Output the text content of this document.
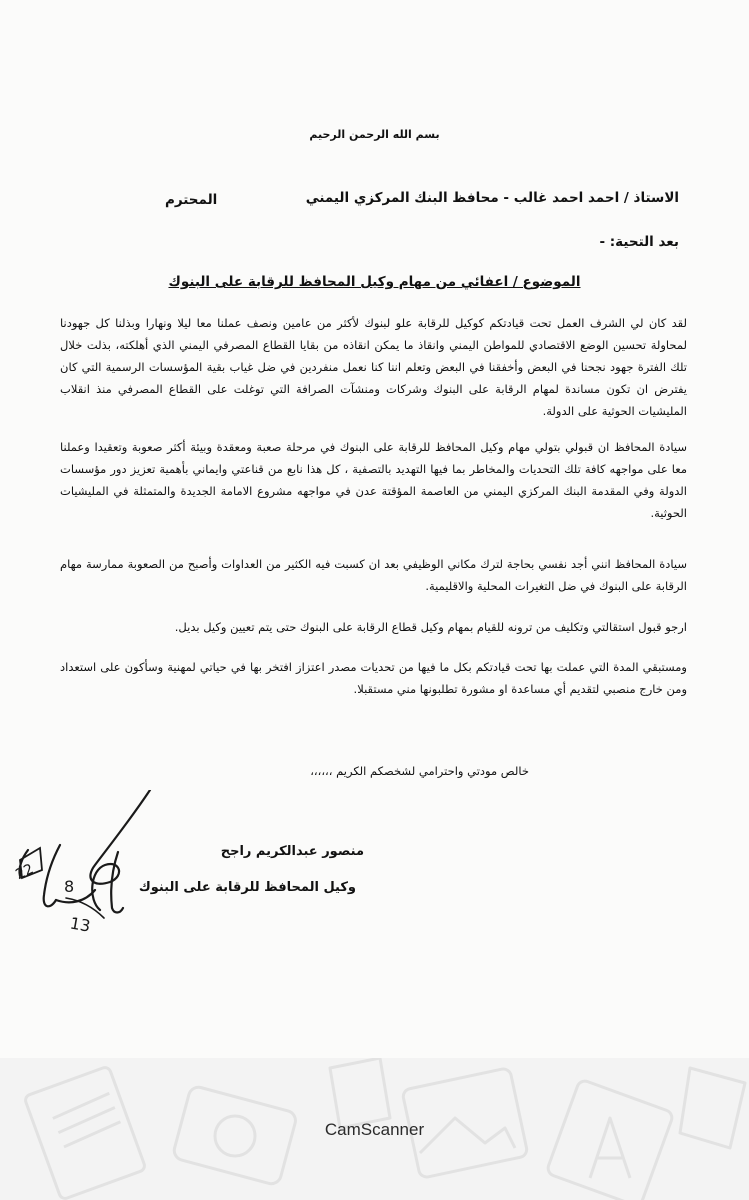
بسم الله الرحمن الرحيم
الاستاذ / احمد احمد غالب - محافظ البنك المركزي اليمني
المحترم
بعد التحية: -
الموضوع / اعفائي من مهام وكيل المحافظ للرقابة على البنوك
لقد كان لي الشرف العمل تحت قيادتكم كوكيل للرقابة علو لبنوك لأكثر من عامين ونصف عملنا معا ليلا ونهارا وبذلنا كل جهودنا لمحاولة تحسين الوضع الاقتصادي للمواطن اليمني وانقاذ ما يمكن انقاذه من بقايا القطاع المصرفي اليمني الذي أهلكته، بذلت خلال تلك الفترة جهود نجحنا في البعض وأخفقنا في البعض وتعلم اننا كنا نعمل منفردين في ضل غياب بقية المؤسسات الرسمية التي كان يفترض ان تكون مساندة لمهام الرقابة على البنوك وشركات ومنشآت الصرافة التي توغلت على القطاع المصرفي منذ انقلاب المليشيات الحوثية على الدولة.
سيادة المحافظ ان قبولي بتولي مهام وكيل المحافظ للرقابة على البنوك في مرحلة صعبة ومعقدة وبيئة أكثر صعوبة وتعقيدا وعملنا معا على مواجهه كافة تلك التحديات والمخاطر بما فيها التهديد بالتصفية ، كل هذا نابع من قناعتي وايماني بأهمية تعزيز دور مؤسسات الدولة وفي المقدمة البنك المركزي اليمني من العاصمة المؤقتة عدن في مواجهه مشروع الامامة الجديدة والمتمثلة في المليشيات الحوثية.
سيادة المحافظ انني أجد نفسي بحاجة لترك مكاني الوظيفي بعد ان كسبت فيه الكثير من العداوات وأصبح من الصعوبة ممارسة مهام الرقابة على البنوك في ضل التغيرات المحلية والاقليمية.
ارجو قبول استقالتي وتكليف من ترونه للقيام بمهام وكيل قطاع الرقابة على البنوك حتى يتم تعيين وكيل بديل.
ومستبقي المدة التي عملت بها تحت قيادتكم بكل ما فيها من تحديات مصدر اعتزاز افتخر بها في حياتي لمهنية وسأكون على استعداد ومن خارج منصبي لتقديم أي مساعدة او مشورة تطلبونها مني مستقبلا.
خالص مودتي واحترامي لشخصكم الكريم ،،،،،،
منصور عبدالكريم راجح
وكيل المحافظ للرقابة على البنوك
22
8
13
CamScanner
